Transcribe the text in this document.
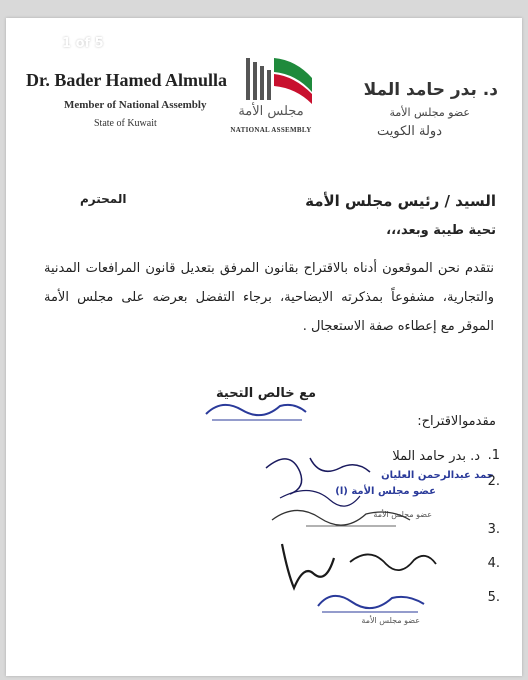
1 of 5
Dr. Bader Hamed Almulla
Member of National Assembly
State of Kuwait
مجلس الأمة
NATIONAL ASSEMBLY
د. بدر حامد الملا
عضو مجلس الأمة
دولة الكويت
السيد / رئيس مجلس الأمة
المحترم
تحية طيبة وبعد،،،
نتقدم نحن الموقعون أدناه بالاقتراح بقانون المرفق بتعديل قانون المرافعات المدنية والتجارية، مشفوعاً بمذكرته الايضاحية، برجاء التفضل بعرضه على مجلس الأمة الموقر مع إعطاءه صفة الاستعجال .
مع خالص التحية
مقدموالاقتراح:
1.
د. بدر حامد الملا
حمد عبدالرحمن العليان
2.
عضو مجلس الأمة (ا)
عضو مجلس الأمة
3.
4.
5.
عضو مجلس الأمة
